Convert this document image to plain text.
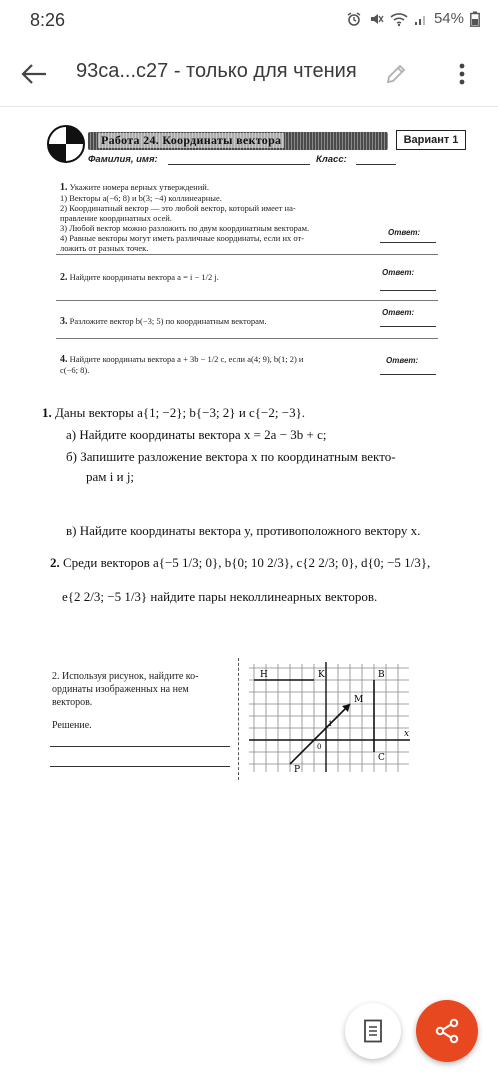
8:26	54%
93са...с27 - только для чтения
Работа 24. Координаты вектора	Вариант 1
Фамилия, имя:	Класс:
1. Укажите номера верных утверждений.
1) Векторы a(−6; 8) и b(3; −4) коллинеарные.
2) Координатный вектор — это любой вектор, который имеет на-
правление координатных осей.
3) Любой вектор можно разложить по двум координатным векторам.
4) Равные векторы могут иметь различные координаты, если их от-
ложить от разных точек.
Ответ:
2. Найдите координаты вектора a = i − 1/2 j.	Ответ:
3. Разложите вектор b(−3; 5) по координатным векторам.
Ответ:
4. Найдите координаты вектора a + 3b − 1/2 c, если a(4; 9), b(1; 2) и
c(−6; 8).
Ответ:
1. Даны векторы a{1; −2}; b{−3; 2} и c{−2; −3}.
а) Найдите координаты вектора x = 2a − 3b + c;
б) Запишите разложение вектора x по координатным векто-
рам i и j;
в) Найдите координаты вектора y, противоположного вектору x.
2. Среди векторов a{−5 1/3; 0}, b{0; 10 2/3}, c{2 2/3; 0}, d{0; −5 1/3},
e{2 2/3; −5 1/3} найдите пары неколлинеарных векторов.
2. Используя рисунок, найдите ко-
ординаты изображенных на нем
векторов.
Решение.
H	K	B
M
P
C
x
1
0
